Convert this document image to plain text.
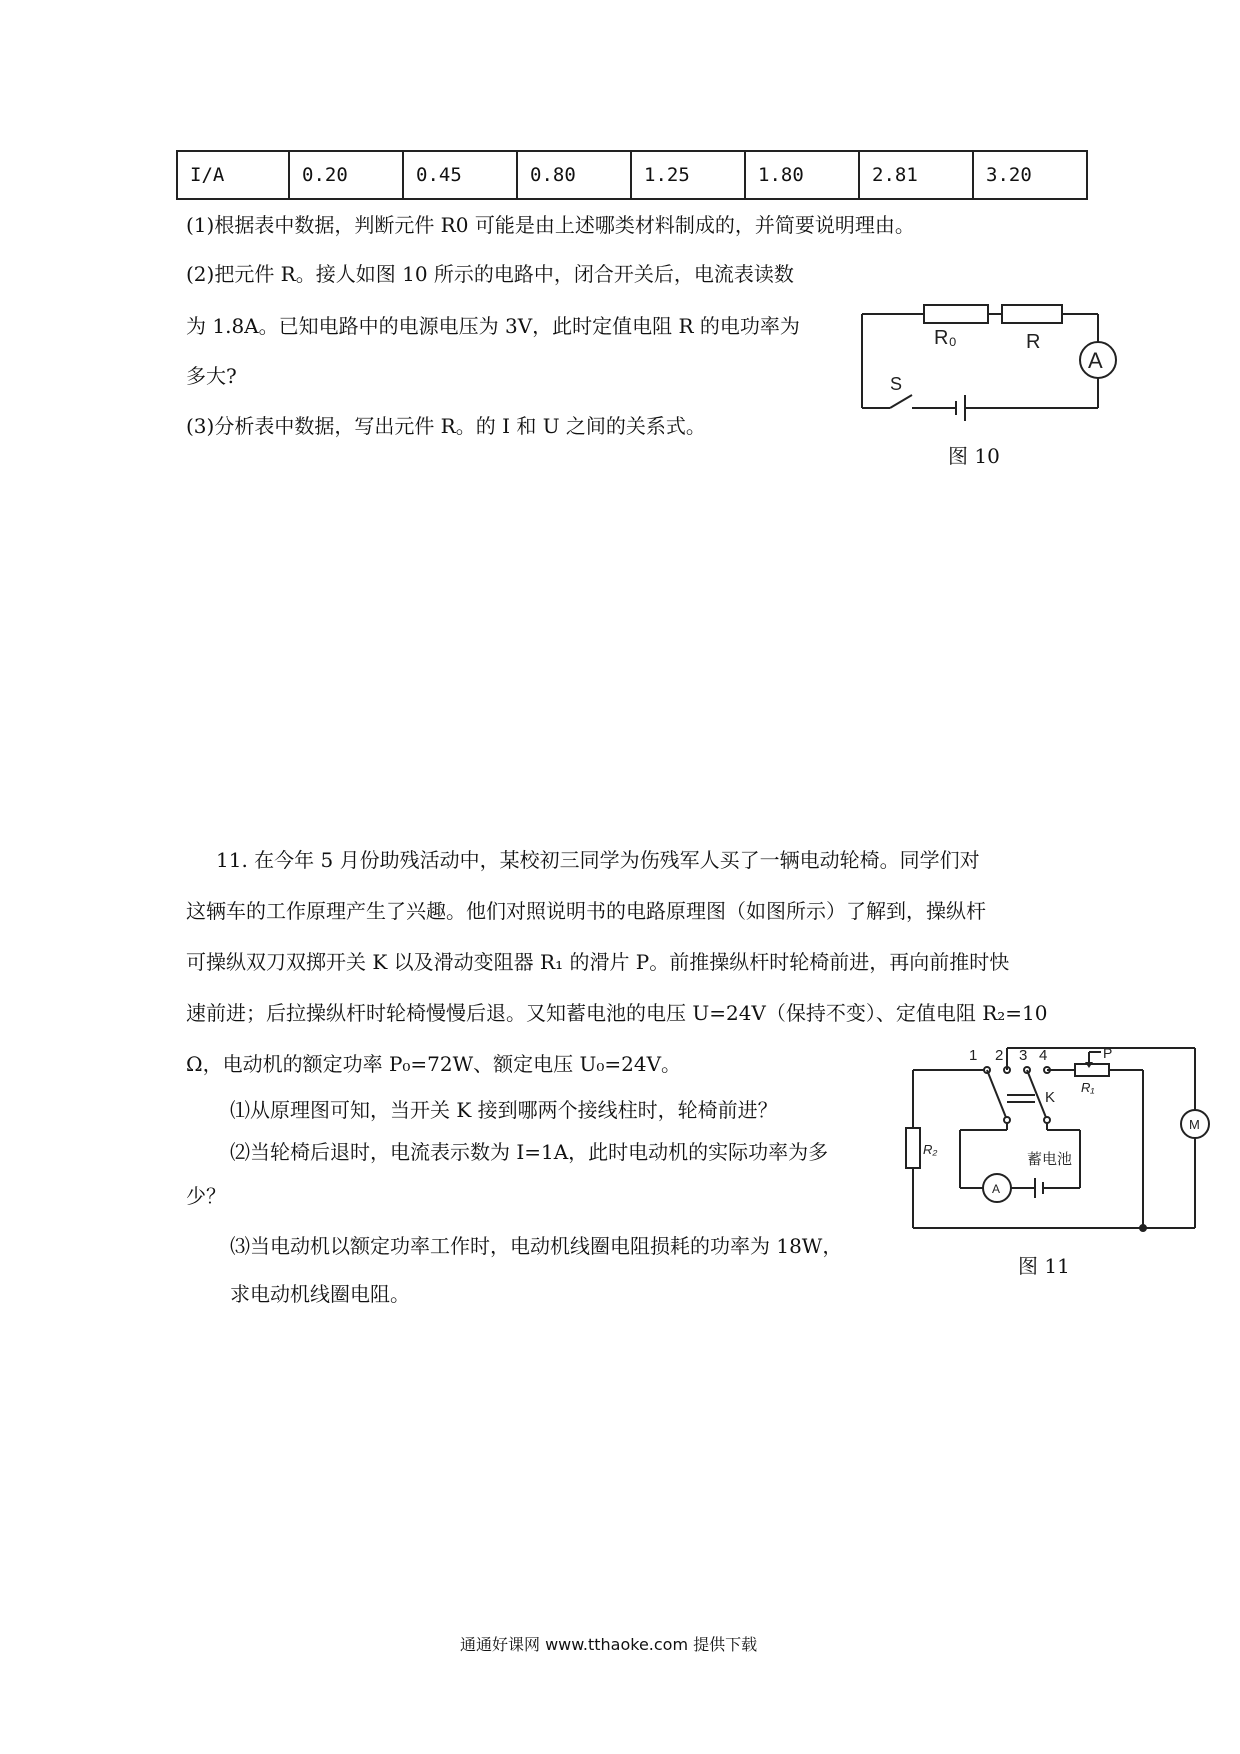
I/A	0.20	0.45	0.80	1.25	1.80	2.81	3.20
(1)根据表中数据，判断元件 R0 可能是由上述哪类材料制成的，并简要说明理由。
(2)把元件 R。接人如图 10 所示的电路中，闭合开关后，电流表读数
为 1.8A。已知电路中的电源电压为 3V，此时定值电阻 R 的电功率为
多大?
(3)分析表中数据，写出元件 R。的 I 和 U 之间的关系式。
R₀	R
A
S
图 10
11. 在今年 5 月份助残活动中，某校初三同学为伤残军人买了一辆电动轮椅。同学们对
这辆车的工作原理产生了兴趣。他们对照说明书的电路原理图（如图所示）了解到，操纵杆
可操纵双刀双掷开关 K 以及滑动变阻器 R₁ 的滑片 P。前推操纵杆时轮椅前进，再向前推时快
速前进；后拉操纵杆时轮椅慢慢后退。又知蓄电池的电压 U=24V（保持不变）、定值电阻 R₂=10
Ω，电动机的额定功率 P₀=72W、额定电压 U₀=24V。
⑴从原理图可知，当开关 K 接到哪两个接线柱时，轮椅前进？
⑵当轮椅后退时，电流表示数为 I=1A，此时电动机的实际功率为多
少？
⑶当电动机以额定功率工作时，电动机线圈电阻损耗的功率为 18W，
求电动机线圈电阻。
1 2 3 4	P
K
R₁
R₂
M
A
蓄电池
图 11
通通好课网 www.tthaoke.com 提供下载
